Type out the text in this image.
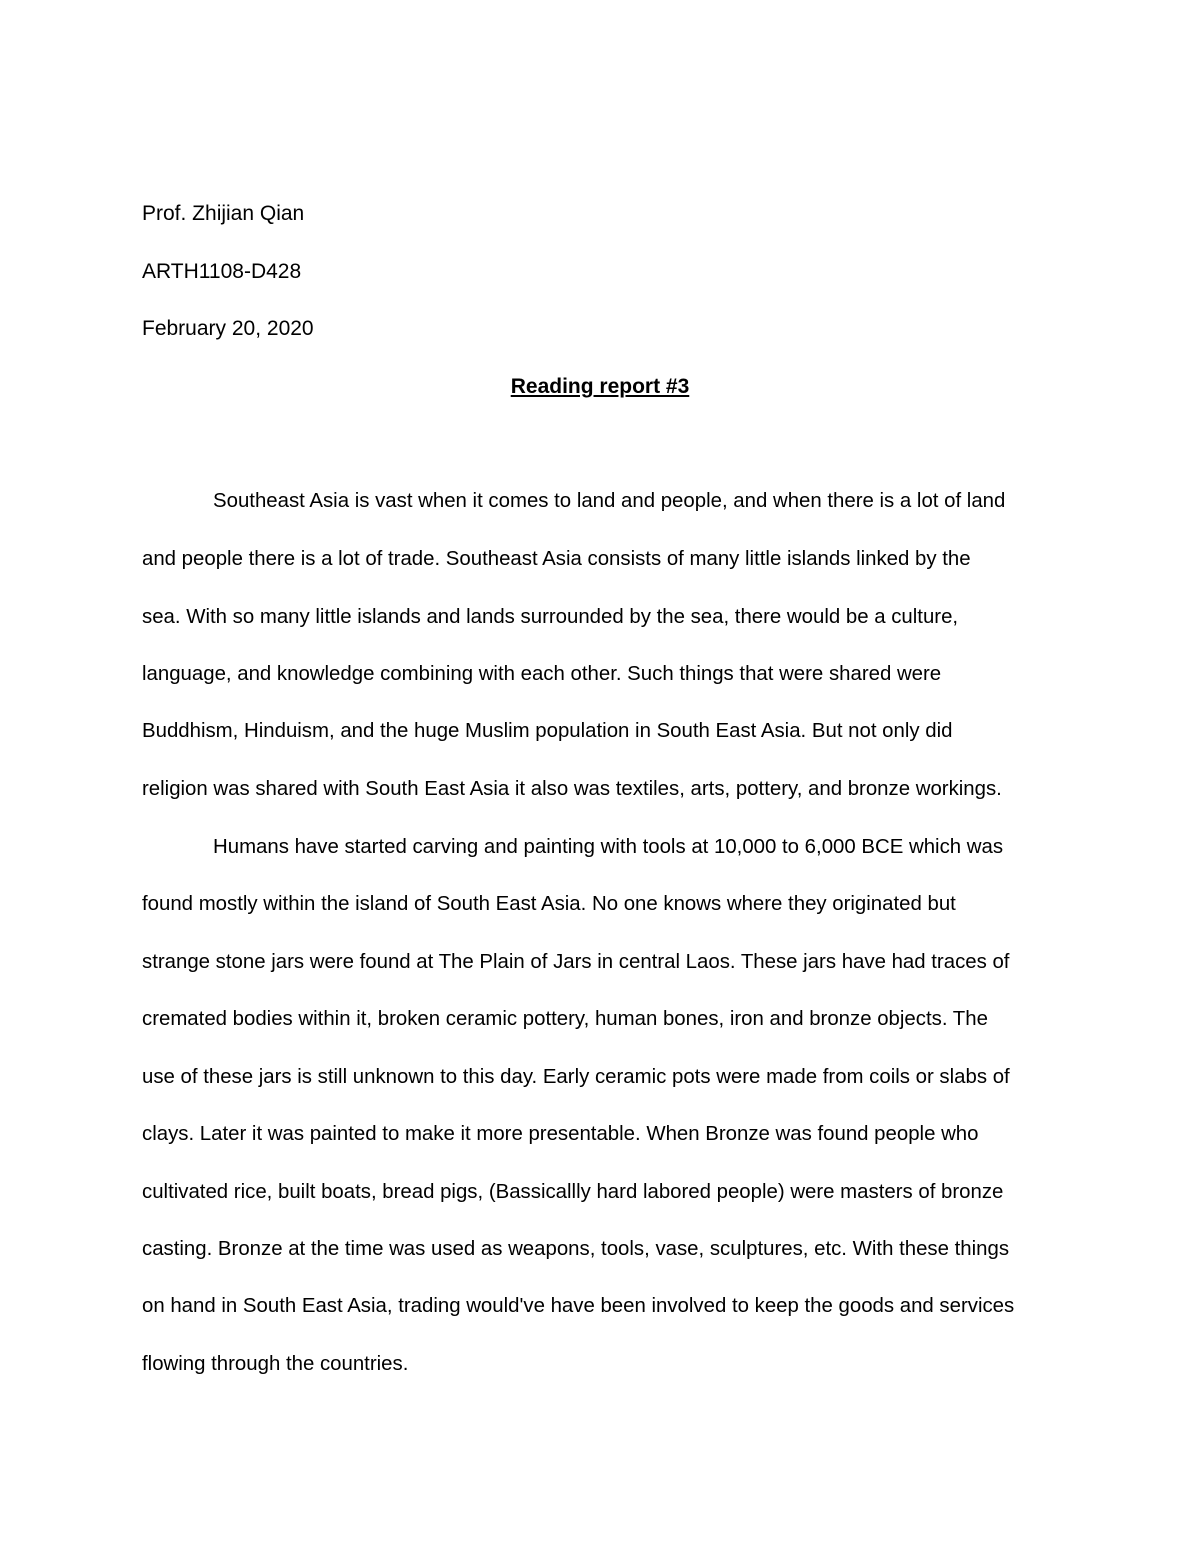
Prof. Zhijian Qian
ARTH1108-D428
February 20, 2020
Reading report #3
Southeast Asia is vast when it comes to land and people, and when there is a lot of land
and people there is a lot of trade. Southeast Asia consists of many little islands linked by the
sea. With so many little islands and lands surrounded by the sea, there would be a culture,
language, and knowledge combining with each other. Such things that were shared were
Buddhism, Hinduism, and the huge Muslim population in South East Asia. But not only did
religion was shared with South East Asia it also was textiles, arts, pottery, and bronze workings.
Humans have started carving and painting with tools at 10,000 to 6,000 BCE which was
found mostly within the island of South East Asia. No one knows where they originated but
strange stone jars were found at The Plain of Jars in central Laos. These jars have had traces of
cremated bodies within it, broken ceramic pottery, human bones, iron and bronze objects. The
use of these jars is still unknown to this day. Early ceramic pots were made from coils or slabs of
clays. Later it was painted to make it more presentable. When Bronze was found people who
cultivated rice, built boats, bread pigs, (Bassicallly hard labored people) were masters of bronze
casting. Bronze at the time was used as weapons, tools, vase, sculptures, etc. With these things
on hand in South East Asia, trading would've have been involved to keep the goods and services
flowing through the countries.
